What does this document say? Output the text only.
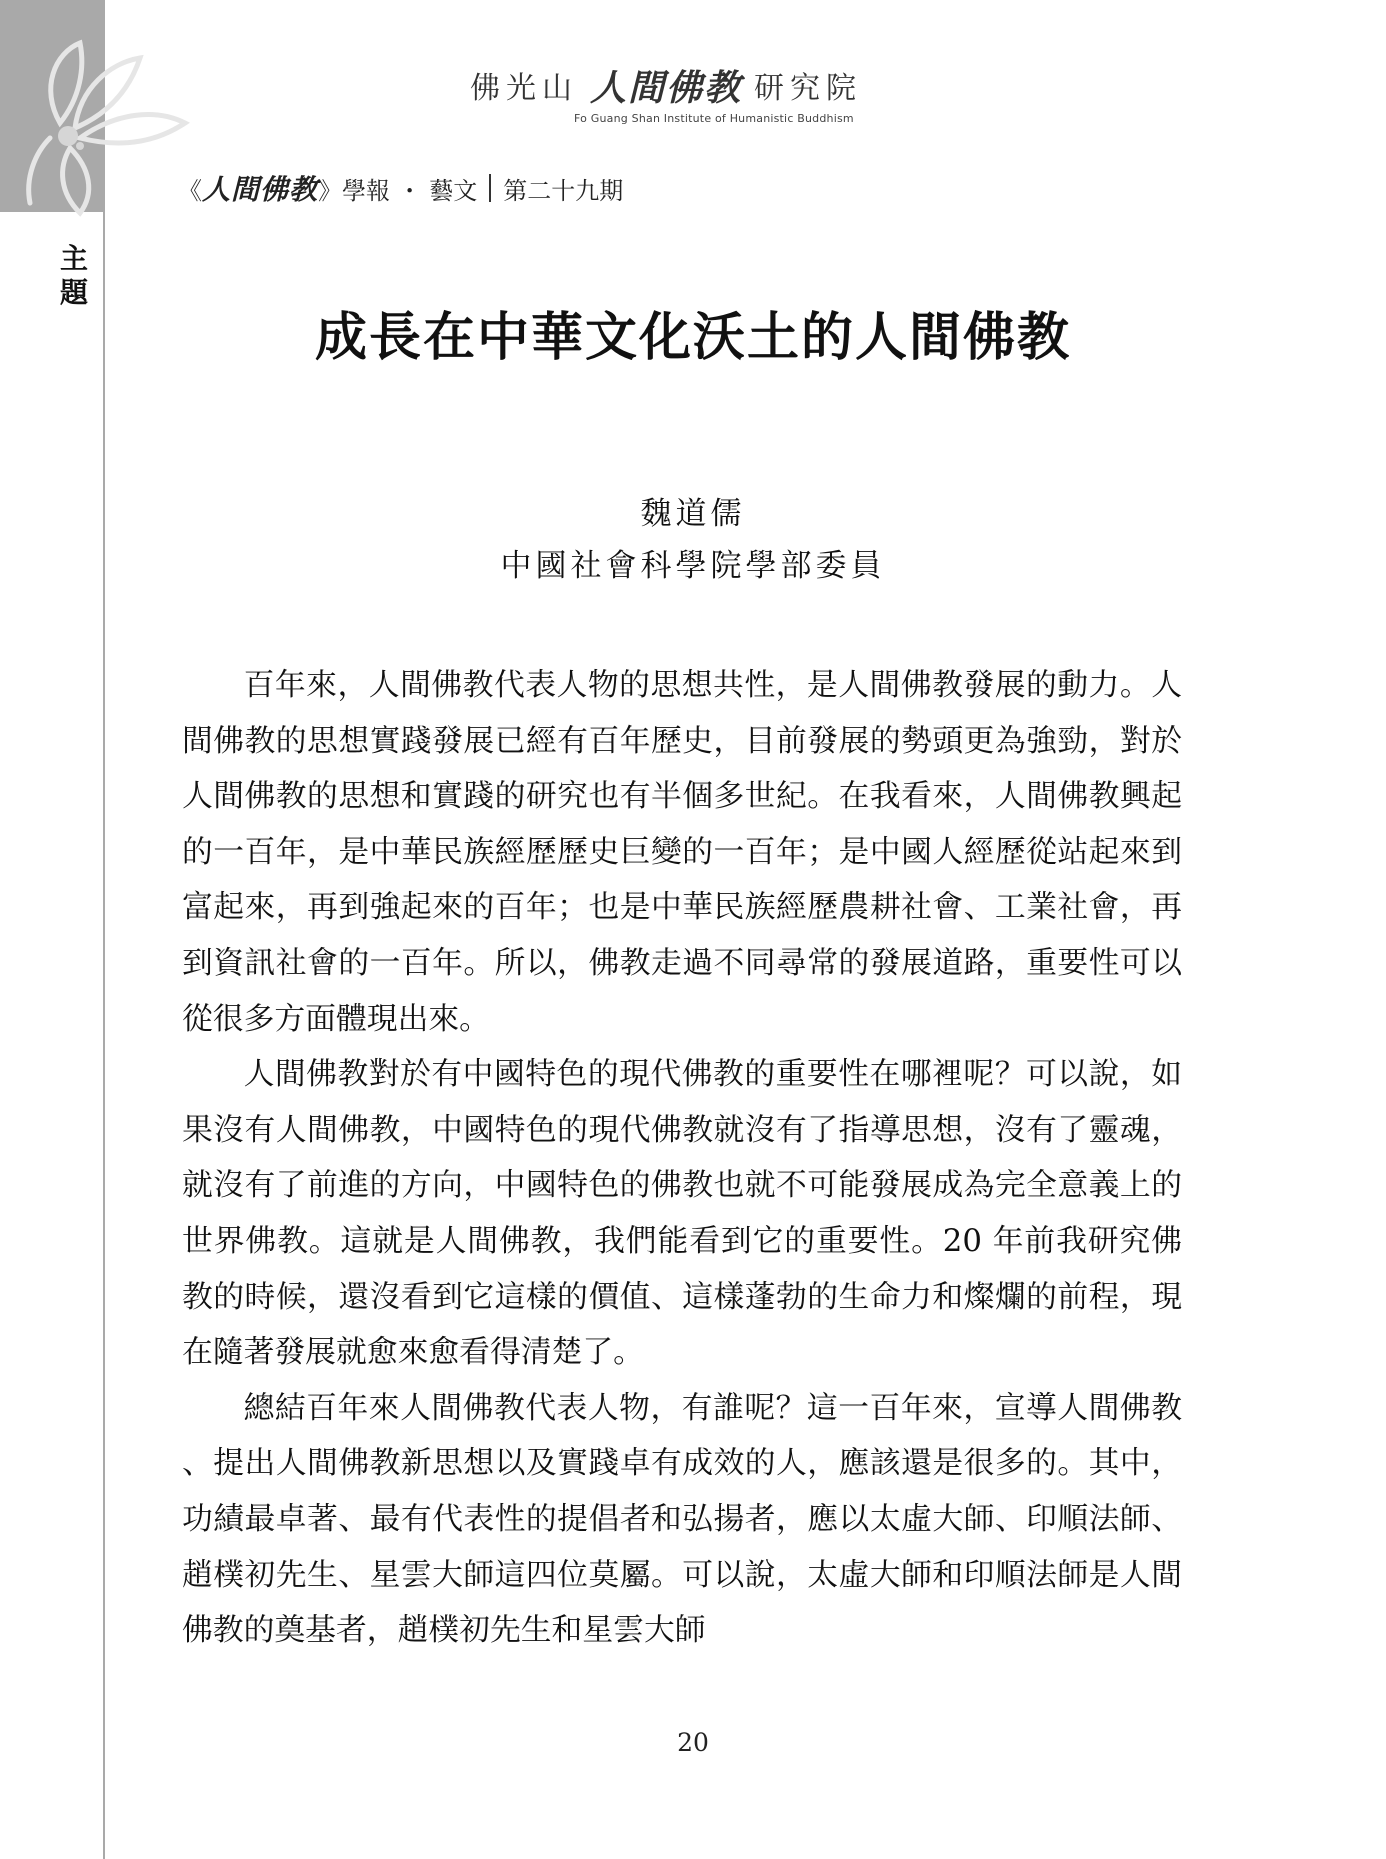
主
題
佛光山 人間佛教 研究院
Fo Guang Shan Institute of Humanistic Buddhism
《 人間佛教 》學報 ・ 藝文 第二十九期
成長在中華文化沃土的人間佛教
魏道儒
中國社會科學院學部委員

百年來，人間佛教代表人物的思想共性，是人間佛教發展的動力。人間佛教的思想實踐發展已經有百年歷史，目前發展的勢頭更為強勁，對於人間佛教的思想和實踐的研究也有半個多世紀。在我看來，人間佛教興起的一百年，是中華民族經歷歷史巨變的一百年；是中國人經歷從站起來到富起來，再到強起來的百年；也是中華民族經歷農耕社會、工業社會，再到資訊社會的一百年。所以，佛教走過不同尋常的發展道路，重要性可以從很多方面體現出來。

人間佛教對於有中國特色的現代佛教的重要性在哪裡呢？可以說，如果沒有人間佛教，中國特色的現代佛教就沒有了指導思想，沒有了靈魂，就沒有了前進的方向，中國特色的佛教也就不可能發展成為完全意義上的世界佛教。這就是人間佛教，我們能看到它的重要性。20 年前我研究佛教的時候，還沒看到它這樣的價值、這樣蓬勃的生命力和燦爛的前程，現在隨著發展就愈來愈看得清楚了。

總結百年來人間佛教代表人物，有誰呢？這一百年來，宣導人間佛教、提出人間佛教新思想以及實踐卓有成效的人，應該還是很多的。其中，功績最卓著、最有代表性的提倡者和弘揚者，應以太虛大師、印順法師、趙樸初先生、星雲大師這四位莫屬。可以說，太虛大師和印順法師是人間佛教的奠基者，趙樸初先生和星雲大師

20
